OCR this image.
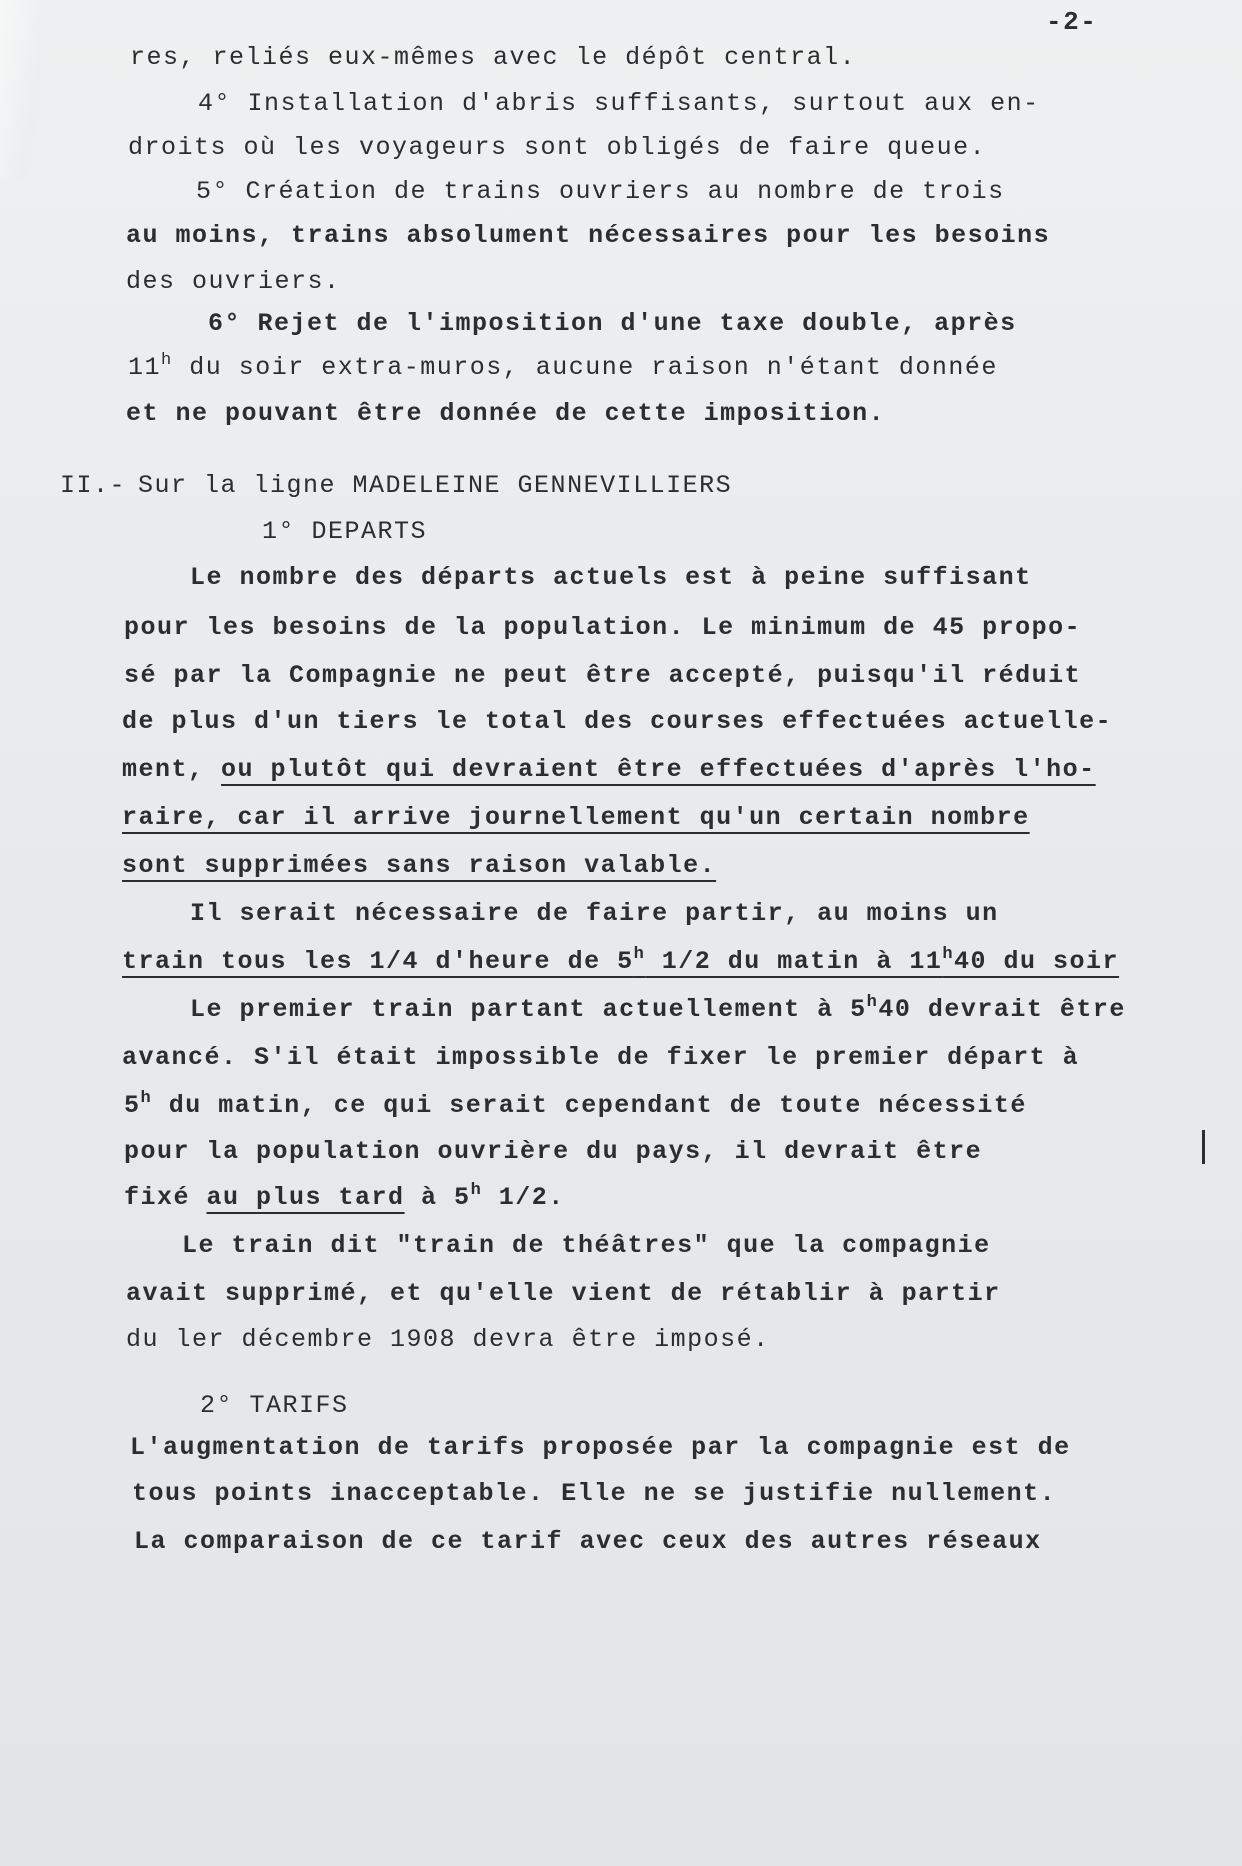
-2-
res, reliés eux-mêmes avec le dépôt central.
4° Installation d'abris suffisants, surtout aux en-
droits où les voyageurs sont obligés de faire queue.
5° Création de trains ouvriers au nombre de trois
au moins, trains absolument nécessaires pour les besoins
des ouvriers.
6° Rejet de l'imposition d'une taxe double, après
11$^h$ du soir extra-muros, aucune raison n'étant donnée
et ne pouvant être donnée de cette imposition.
II.- Sur la ligne MADELEINE GENNEVILLIERS
1° DEPARTS
Le nombre des départs actuels est à peine suffisant
pour les besoins de la population. Le minimum de 45 propo-
sé par la Compagnie ne peut être accepté, puisqu'il réduit
de plus d'un tiers le total des courses effectuées actuelle-
ment, ou plutôt qui devraient être effectuées d'après l'ho-
raire, car il arrive journellement qu'un certain nombre
sont supprimées sans raison valable.
Il serait nécessaire de faire partir, au moins un
train tous les 1/4 d'heure de 5$^h$ 1/2 du matin à 11$^h$40 du soir
Le premier train partant actuellement à 5$^h$40 devrait être
avancé. S'il était impossible de fixer le premier départ à
5$^h$ du matin, ce qui serait cependant de toute nécessité
pour la population ouvrière du pays, il devrait être
fixé au plus tard à 5$^h$ 1/2.
Le train dit "train de théâtres" que la compagnie
avait supprimé, et qu'elle vient de rétablir à partir
du ler décembre 1908 devra être imposé.
2° TARIFS
L'augmentation de tarifs proposée par la compagnie est de
tous points inacceptable. Elle ne se justifie nullement.
La comparaison de ce tarif avec ceux des autres réseaux
